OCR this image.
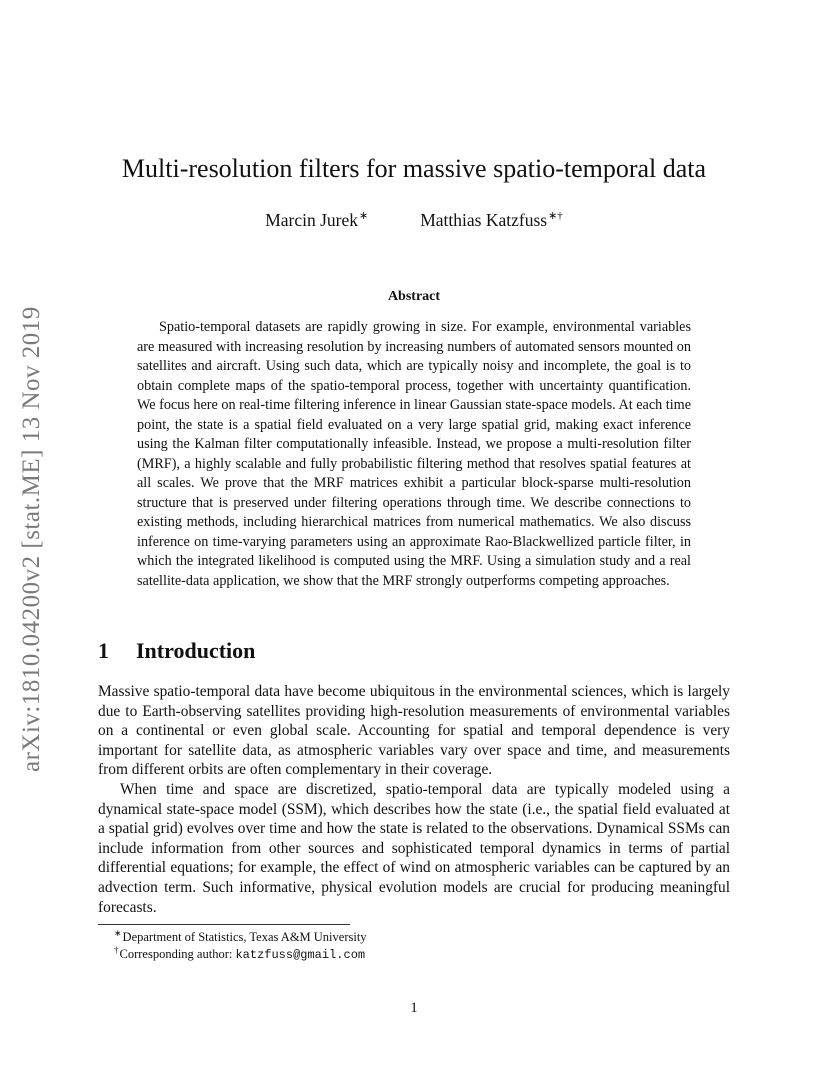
arXiv:1810.04200v2 [stat.ME] 13 Nov 2019
Multi-resolution filters for massive spatio-temporal data
Marcin Jurek∗	Matthias Katzfuss∗†
Abstract

Spatio-temporal datasets are rapidly growing in size. For example, environmental variables are measured with increasing resolution by increasing numbers of automated sensors mounted on satellites and aircraft. Using such data, which are typically noisy and incomplete, the goal is to obtain complete maps of the spatio-temporal process, together with uncertainty quantification. We focus here on real-time filtering inference in linear Gaussian state-space models. At each time point, the state is a spatial field evaluated on a very large spatial grid, making exact inference using the Kalman filter computationally infeasible. Instead, we propose a multi-resolution filter (MRF), a highly scalable and fully probabilistic filtering method that resolves spatial features at all scales. We prove that the MRF matrices exhibit a particular block-sparse multi-resolution structure that is preserved under filtering operations through time. We describe connections to existing methods, including hierarchical matrices from numerical mathematics. We also discuss inference on time-varying parameters using an approximate Rao-Blackwellized particle filter, in which the integrated likelihood is computed using the MRF. Using a simulation study and a real satellite-data application, we show that the MRF strongly outperforms competing approaches.

1 Introduction

Massive spatio-temporal data have become ubiquitous in the environmental sciences, which is largely due to Earth-observing satellites providing high-resolution measurements of environmental variables on a continental or even global scale. Accounting for spatial and temporal dependence is very important for satellite data, as atmospheric variables vary over space and time, and measurements from different orbits are often complementary in their coverage.

When time and space are discretized, spatio-temporal data are typically modeled using a dynamical state-space model (SSM), which describes how the state (i.e., the spatial field evaluated at a spatial grid) evolves over time and how the state is related to the observations. Dynamical SSMs can include information from other sources and sophisticated temporal dynamics in terms of partial differential equations; for example, the effect of wind on atmospheric variables can be captured by an advection term. Such informative, physical evolution models are crucial for producing meaningful forecasts.

∗Department of Statistics, Texas A&M University
†Corresponding author: katzfuss@gmail.com
1
